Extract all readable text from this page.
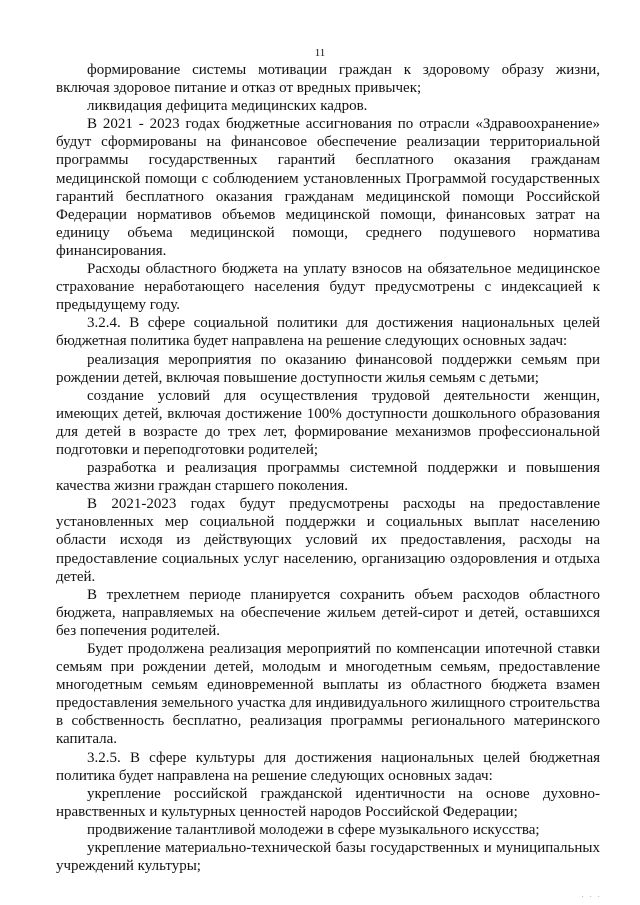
11

формирование системы мотивации граждан к здоровому образу жизни, включая здоровое питание и отказ от вредных привычек;

ликвидация дефицита медицинских кадров.

В 2021 - 2023 годах бюджетные ассигнования по отрасли «Здравоохранение» будут сформированы на финансовое обеспечение реализации территориальной программы государственных гарантий бесплатного оказания гражданам медицинской помощи с соблюдением установленных Программой государственных гарантий бесплатного оказания гражданам медицинской помощи Российской Федерации нормативов объемов медицинской помощи, финансовых затрат на единицу объема медицинской помощи, среднего подушевого норматива финансирования.

Расходы областного бюджета на уплату взносов на обязательное медицинское страхование неработающего населения будут предусмотрены с индексацией к предыдущему году.

3.2.4. В сфере социальной политики для достижения национальных целей бюджетная политика будет направлена на решение следующих основных задач:

реализация мероприятия по оказанию финансовой поддержки семьям при рождении детей, включая повышение доступности жилья семьям с детьми;

создание условий для осуществления трудовой деятельности женщин, имеющих детей, включая достижение 100% доступности дошкольного образования для детей в возрасте до трех лет, формирование механизмов профессиональной подготовки и переподготовки родителей;

разработка и реализация программы системной поддержки и повышения качества жизни граждан старшего поколения.

В 2021-2023 годах будут предусмотрены расходы на предоставление установленных мер социальной поддержки и социальных выплат населению области исходя из действующих условий их предоставления, расходы на предоставление социальных услуг населению, организацию оздоровления и отдыха детей.

В трехлетнем периоде планируется сохранить объем расходов областного бюджета, направляемых на обеспечение жильем детей-сирот и детей, оставшихся без попечения родителей.

Будет продолжена реализация мероприятий по компенсации ипотечной ставки семьям при рождении детей, молодым и многодетным семьям, предоставление многодетным семьям единовременной выплаты из областного бюджета взамен предоставления земельного участка для индивидуального жилищного строительства в собственность бесплатно, реализация программы регионального материнского капитала.

3.2.5. В сфере культуры для достижения национальных целей бюджетная политика будет направлена на решение следующих основных задач:

укрепление российской гражданской идентичности на основе духовно-нравственных и культурных ценностей народов Российской Федерации;

продвижение талантливой молодежи в сфере музыкального искусства;

укрепление материально-технической базы государственных и муниципальных учреждений культуры;

· · ·
